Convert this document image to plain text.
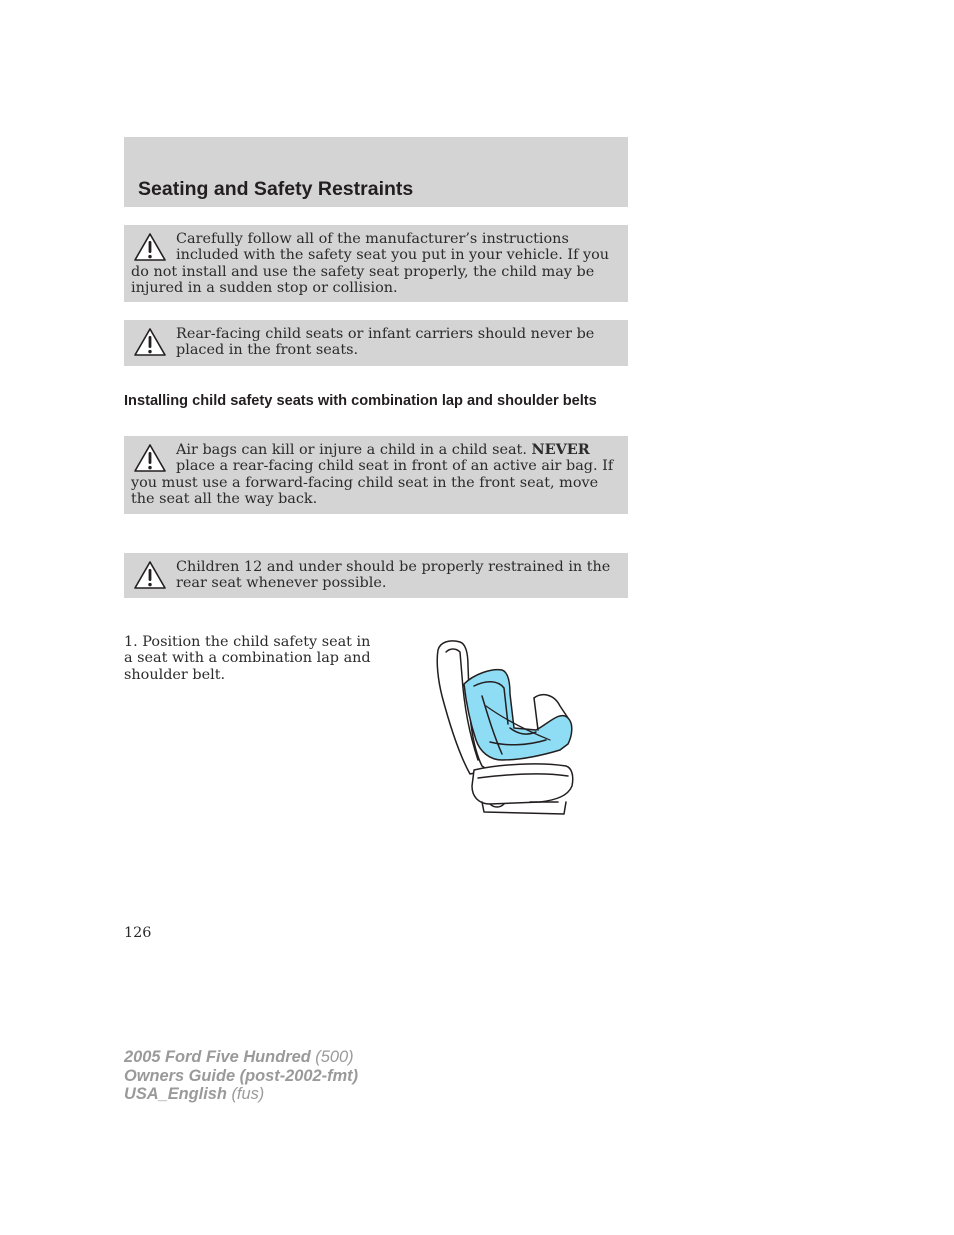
Seating and Safety Restraints

Carefully follow all of the manufacturer’s instructions included with the safety seat you put in your vehicle. If you do not install and use the safety seat properly, the child may be injured in a sudden stop or collision.

Rear-facing child seats or infant carriers should never be placed in the front seats.

Installing child safety seats with combination lap and shoulder belts

Air bags can kill or injure a child in a child seat. NEVER place a rear-facing child seat in front of an active air bag. If you must use a forward-facing child seat in the front seat, move the seat all the way back.

Children 12 and under should be properly restrained in the rear seat whenever possible.

1. Position the child safety seat in a seat with a combination lap and shoulder belt.

126

2005 Ford Five Hundred (500)
Owners Guide (post-2002-fmt)
USA_English (fus)
